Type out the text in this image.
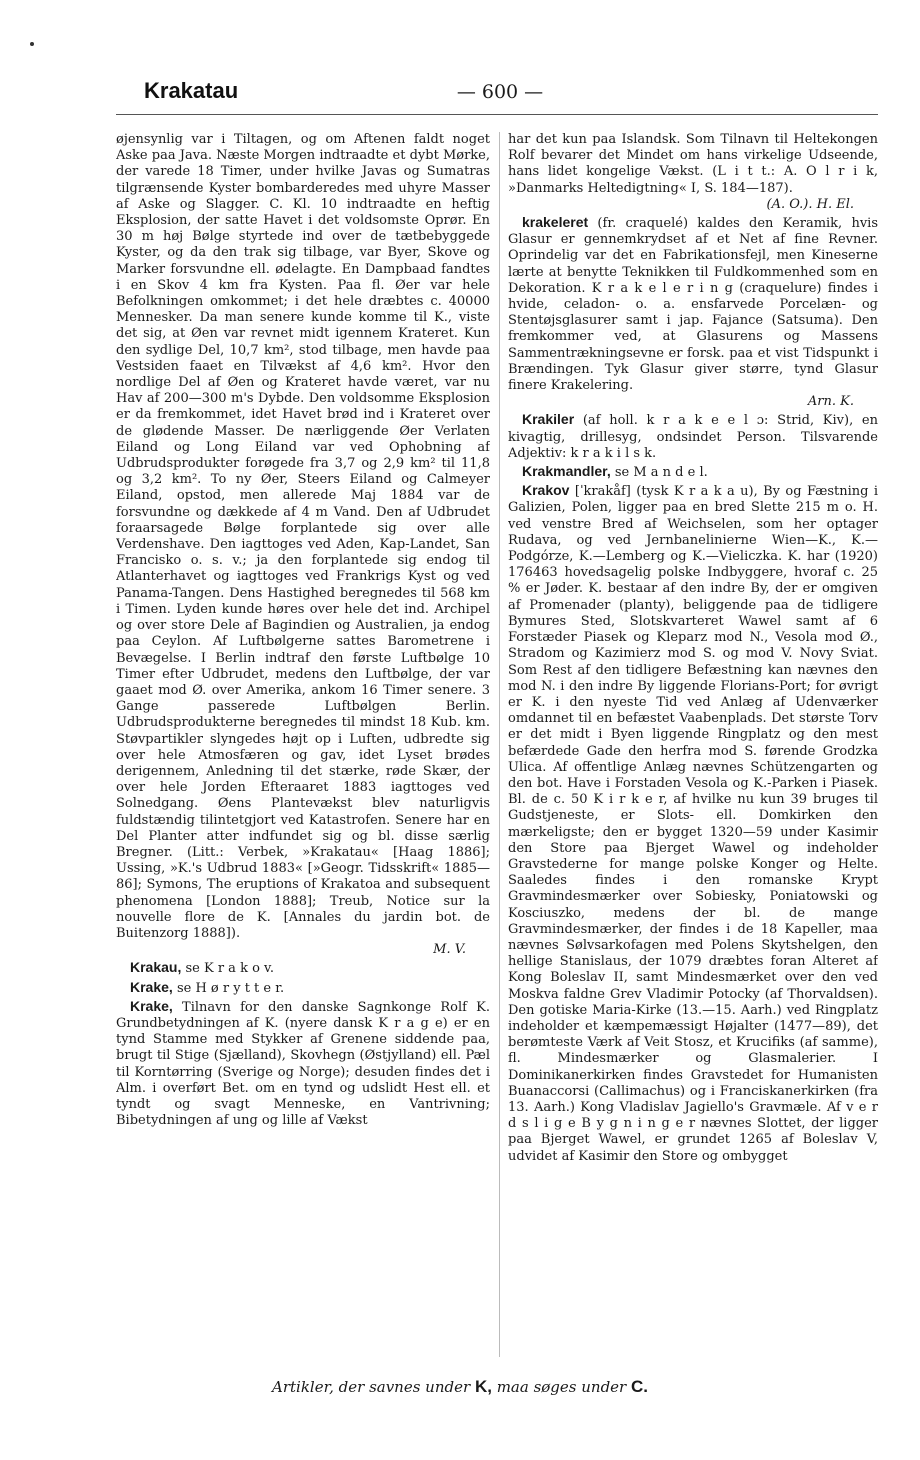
Krakatau	— 600 —

øjensynlig var i Tiltagen, og om Aftenen faldt noget Aske paa Java. Næste Morgen indtraadte et dybt Mørke, der varede 18 Timer, under hvilke Javas og Sumatras tilgrænsende Kyster bombarderedes med uhyre Masser af Aske og Slagger. C. Kl. 10 indtraadte en heftig Eksplosion, der satte Havet i det voldsomste Oprør. En 30 m høj Bølge styrtede ind over de tætbebyggede Kyster, og da den trak sig tilbage, var Byer, Skove og Marker forsvundne ell. ødelagte. En Dampbaad fandtes i en Skov 4 km fra Kysten. Paa fl. Øer var hele Befolkningen omkommet; i det hele dræbtes c. 40000 Mennesker. Da man senere kunde komme til K., viste det sig, at Øen var revnet midt igennem Krateret. Kun den sydlige Del, 10,7 km², stod tilbage, men havde paa Vestsiden faaet en Tilvækst af 4,6 km². Hvor den nordlige Del af Øen og Krateret havde været, var nu Hav af 200—300 m's Dybde. Den voldsomme Eksplosion er da fremkommet, idet Havet brød ind i Krateret over de glødende Masser. De nærliggende Øer Verlaten Eiland og Long Eiland var ved Ophobning af Udbrudsprodukter forøgede fra 3,7 og 2,9 km² til 11,8 og 3,2 km². To ny Øer, Steers Eiland og Calmeyer Eiland, opstod, men allerede Maj 1884 var de forsvundne og dækkede af 4 m Vand. Den af Udbrudet foraarsagede Bølge forplantede sig over alle Verdenshave. Den iagttoges ved Aden, Kap-Landet, San Francisko o. s. v.; ja den forplantede sig endog til Atlanterhavet og iagttoges ved Frankrigs Kyst og ved Panama-Tangen. Dens Hastighed beregnedes til 568 km i Timen. Lyden kunde høres over hele det ind. Archipel og over store Dele af Bagindien og Australien, ja endog paa Ceylon. Af Luftbølgerne sattes Barometrene i Bevægelse. I Berlin indtraf den første Luftbølge 10 Timer efter Udbrudet, medens den Luftbølge, der var gaaet mod Ø. over Amerika, ankom 16 Timer senere. 3 Gange passerede Luftbølgen Berlin. Udbrudsprodukterne beregnedes til mindst 18 Kub. km. Støvpartikler slyngedes højt op i Luften, udbredte sig over hele Atmosfæren og gav, idet Lyset brødes derigennem, Anledning til det stærke, røde Skær, der over hele Jorden Efteraaret 1883 iagttoges ved Solnedgang. Øens Plantevækst blev naturligvis fuldstændig tilintetgjort ved Katastrofen. Senere har en Del Planter atter indfundet sig og bl. disse særlig Bregner. (Litt.: Verbek, »Krakatau« [Haag 1886]; Ussing, »K.'s Udbrud 1883« [»Geogr. Tidsskrift« 1885—86]; Symons, The eruptions of Krakatoa and subsequent phenomena [London 1888]; Treub, Notice sur la nouvelle flore de K. [Annales du jardin bot. de Buitenzorg 1888]).
M. V.

Krakau, se K r a k o v.

Krake, se H ø r y t t e r.

Krake, Tilnavn for den danske Sagnkonge Rolf K. Grundbetydningen af K. (nyere dansk K r a g e) er en tynd Stamme med Stykker af Grenene siddende paa, brugt til Stige (Sjælland), Skovhegn (Østjylland) ell. Pæl til Korntørring (Sverige og Norge); desuden findes det i Alm. i overført Bet. om en tynd og udslidt Hest ell. et tyndt og svagt Menneske, en Vantrivning; Bibetydningen af ung og lille af Vækst

har det kun paa Islandsk. Som Tilnavn til Heltekongen Rolf bevarer det Mindet om hans virkelige Udseende, hans lidet kongelige Vækst. (L i t t.: A. O l r i k, »Danmarks Heltedigtning« I, S. 184—187).
(A. O.). H. El.

krakeleret (fr. craquelé) kaldes den Keramik, hvis Glasur er gennemkrydset af et Net af fine Revner. Oprindelig var det en Fabrikationsfejl, men Kineserne lærte at benytte Teknikken til Fuldkommenhed som en Dekoration. K r a k e l e r i n g (craquelure) findes i hvide, celadon- o. a. ensfarvede Porcelæn- og Stentøjsglasurer samt i jap. Fajance (Satsuma). Den fremkommer ved, at Glasurens og Massens Sammentrækningsevne er forsk. paa et vist Tidspunkt i Brændingen. Tyk Glasur giver større, tynd Glasur finere Krakelering.
Arn. K.

Krakiler (af holl. k r a k e e l ɔ: Strid, Kiv), en kivagtig, drillesyg, ondsindet Person. Tilsvarende Adjektiv: k r a k i l s k.

Krakmandler, se M a n d e l.

Krakov [ˈkrakåf] (tysk K r a k a u), By og Fæstning i Galizien, Polen, ligger paa en bred Slette 215 m o. H. ved venstre Bred af Weichselen, som her optager Rudava, og ved Jernbanelinierne Wien—K., K.—Podgórze, K.—Lemberg og K.—Vieliczka. K. har (1920) 176463 hovedsagelig polske Indbyggere, hvoraf c. 25 % er Jøder. K. bestaar af den indre By, der er omgiven af Promenader (planty), beliggende paa de tidligere Bymures Sted, Slotskvarteret Wawel samt af 6 Forstæder Piasek og Kleparz mod N., Vesola mod Ø., Stradom og Kazimierz mod S. og mod V. Novy Sviat. Som Rest af den tidligere Befæstning kan nævnes den mod N. i den indre By liggende Florians-Port; for øvrigt er K. i den nyeste Tid ved Anlæg af Udenværker omdannet til en befæstet Vaabenplads. Det største Torv er det midt i Byen liggende Ringplatz og den mest befærdede Gade den herfra mod S. førende Grodzka Ulica. Af offentlige Anlæg nævnes Schützengarten og den bot. Have i Forstaden Vesola og K.-Parken i Piasek. Bl. de c. 50 K i r k e r, af hvilke nu kun 39 bruges til Gudstjeneste, er Slots- ell. Domkirken den mærkeligste; den er bygget 1320—59 under Kasimir den Store paa Bjerget Wawel og indeholder Gravstederne for mange polske Konger og Helte. Saaledes findes i den romanske Krypt Gravmindesmærker over Sobiesky, Poniatowski og Kosciuszko, medens der bl. de mange Gravmindesmærker, der findes i de 18 Kapeller, maa nævnes Sølvsarkofagen med Polens Skytshelgen, den hellige Stanislaus, der 1079 dræbtes foran Alteret af Kong Boleslav II, samt Mindesmærket over den ved Moskva faldne Grev Vladimir Potocky (af Thorvaldsen). Den gotiske Maria-Kirke (13.—15. Aarh.) ved Ringplatz indeholder et kæmpemæssigt Højalter (1477—89), det berømteste Værk af Veit Stosz, et Krucifiks (af samme), fl. Mindesmærker og Glasmalerier. I Dominikanerkirken findes Gravstedet for Humanisten Buanaccorsi (Callimachus) og i Franciskanerkirken (fra 13. Aarh.) Kong Vladislav Jagiello's Gravmæle. Af v e r d s l i g e B y g n i n g e r nævnes Slottet, der ligger paa Bjerget Wawel, er grundet 1265 af Boleslav V, udvidet af Kasimir den Store og ombygget

Artikler, der savnes under K, maa søges under C.
